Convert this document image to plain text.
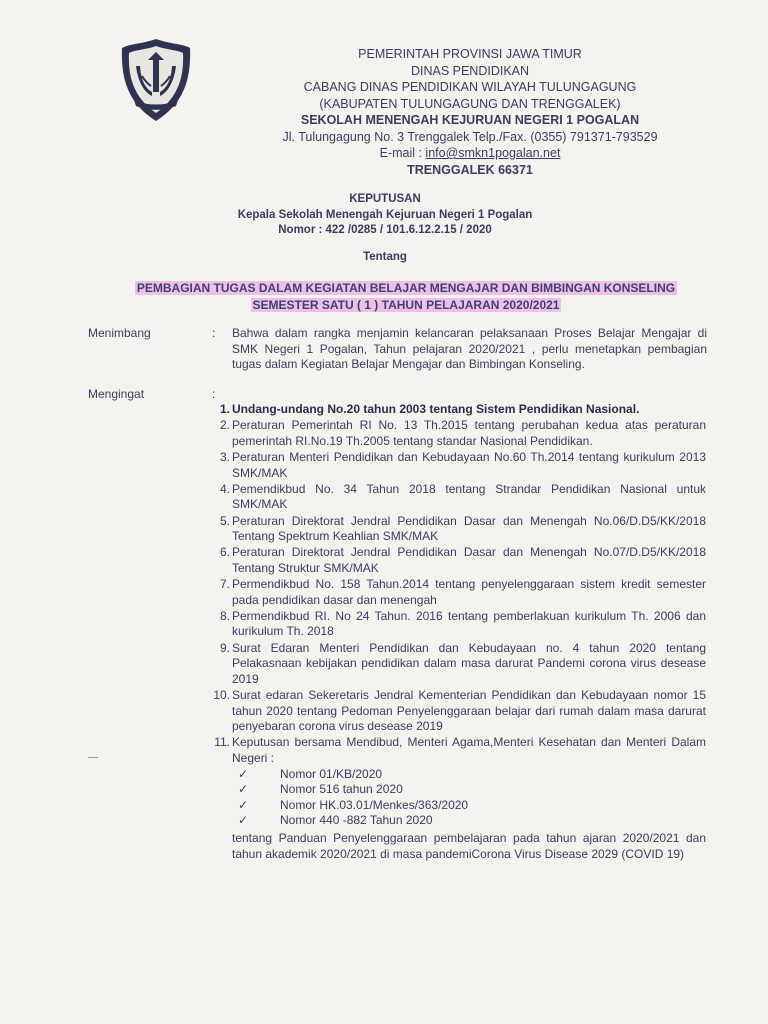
PEMERINTAH PROVINSI JAWA TIMUR
DINAS PENDIDIKAN
CABANG DINAS PENDIDIKAN WILAYAH TULUNGAGUNG
(KABUPATEN TULUNGAGUNG DAN TRENGGALEK)
SEKOLAH MENENGAH KEJURUAN NEGERI 1 POGALAN
Jl. Tulungagung No. 3 Trenggalek Telp./Fax. (0355) 791371-793529
E-mail : info@smkn1pogalan.net
TRENGGALEK 66371
KEPUTUSAN
Kepala Sekolah Menengah Kejuruan Negeri 1 Pogalan
Nomor : 422 /0285 / 101.6.12.2.15 / 2020
Tentang
PEMBAGIAN TUGAS DALAM KEGIATAN BELAJAR MENGAJAR DAN BIMBINGAN KONSELING
SEMESTER SATU ( 1 ) TAHUN PELAJARAN 2020/2021
Menimbang	: Bahwa dalam rangka menjamin kelancaran pelaksanaan Proses Belajar Mengajar di SMK Negeri 1 Pogalan, Tahun pelajaran 2020/2021 , perlu menetapkan pembagian tugas dalam Kegiatan Belajar Mengajar dan Bimbingan Konseling.
Mengingat	:
1. Undang-undang No.20 tahun 2003 tentang Sistem Pendidikan Nasional.
2. Peraturan Pemerintah RI No. 13 Th.2015 tentang perubahan kedua atas peraturan pemerintah RI.No.19 Th.2005 tentang standar Nasional Pendidikan.
3. Peraturan Menteri Pendidikan dan Kebudayaan No.60 Th.2014 tentang kurikulum 2013 SMK/MAK
4. Pemendikbud No. 34 Tahun 2018 tentang Strandar Pendidikan Nasional untuk SMK/MAK
5. Peraturan Direktorat Jendral Pendidikan Dasar dan Menengah No.06/D.D5/KK/2018 Tentang Spektrum Keahlian SMK/MAK
6. Peraturan Direktorat Jendral Pendidikan Dasar dan Menengah No.07/D.D5/KK/2018 Tentang Struktur SMK/MAK
7. Permendikbud No. 158 Tahun.2014 tentang penyelenggaraan sistem kredit semester pada pendidikan dasar dan menengah
8. Permendikbud RI. No 24 Tahun. 2016 tentang pemberlakuan kurikulum Th. 2006 dan kurikulum Th. 2018
9. Surat Edaran Menteri Pendidikan dan Kebudayaan no. 4 tahun 2020 tentang Pelakasnaan kebijakan pendidikan dalam masa darurat Pandemi corona virus desease 2019
10. Surat edaran Sekeretaris Jendral Kementerian Pendidikan dan Kebudayaan nomor 15 tahun 2020 tentang Pedoman Penyelenggaraan belajar dari rumah dalam masa darurat penyebaran corona virus desease 2019
11. Keputusan bersama Mendibud, Menteri Agama,Menteri Kesehatan dan Menteri Dalam Negeri :
✓	Nomor 01/KB/2020
✓	Nomor 516 tahun 2020
✓	Nomor HK.03.01/Menkes/363/2020
✓	Nomor 440 -882 Tahun 2020
tentang Panduan Penyelenggaraan pembelajaran pada tahun ajaran 2020/2021 dan tahun akademik 2020/2021 di masa pandemiCorona Virus Disease 2029 (COVID 19)
